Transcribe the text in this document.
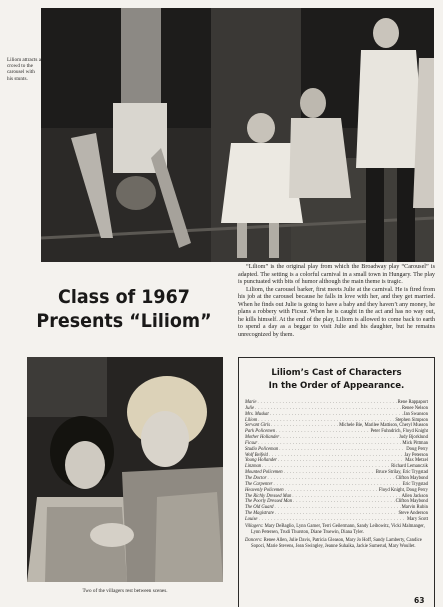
Liliom attracts a crowd to the carousel with his stunts.
Class of 1967
Presents “Liliom”

“Liliom” is the original play from which the Broadway play “Carousel” is adapted. The setting is a colorful carnival in a small town in Hungary. The play is punctuated with bits of humor although the main theme is tragic.

Liliom, the carousel barker, first meets Julie at the carnival. He is fired from his job at the carousel because he falls in love with her, and they get married. When he finds out Julie is going to have a baby and they haven’t any money, he plans a robbery with Ficsur. When he is caught in the act and has no way out, he kills himself. At the end of the play, Liliom is allowed to come back to earth to spend a day as a beggar to visit Julie and his daughter, but he remains unrecognized by them.

Two of the villagers rest between scenes.
Liliom’s Cast of Characters
In the Order of Appearance.
Marie . . .	Rene Rappaport
Julie . . .	Renee Nelson
Mrs. Muskat . . .	Jan Swanson
Liliom . . .	Stephen Simpson
Servant Girls . . .	Michele Bie, Marilee Mattison, Cheryl Musson
Park Policemen . . .	Peter Fuhndrich, Floyd Knight
Mother Hollander . . .	Judy Bjorklund
Ficsur . . .	Mick Pittman
Studio Policeman . . .	Doug Perry
Wolf Beifeld . . .	Jay Peterson
Young Hollander . . .	Max Metzel
Linzman . . .	Richard Lemanczik
Mounted Policemen . . .	Bruce Strilay, Eric Trygstad
The Doctor . . .	Clifton Maybond
The Carpenter . . .	Eric Trygstad
Heavenly Policemen . . .	Floyd Knight, Doug Perry
The Richly Dressed Man . . .	Allen Jackson
The Poorly Dressed Man . . .	Clifton Maybond
The Old Guard . . .	Marvin Rubin
The Magistrate . . .	Steve Anderson
Louise . . .	Mary Scott
Villagers: Mary DeBaglio, Lynn Garner, Terri Geilermann, Sandy Leibowitz, Vicki Malmanger, Lynn Petersen, Trudi Thurston, Diane Truewin, Diana Tyler.
Dancers: Renee Allen, Julie Davis, Patricia Gleason, Mary Jo Hoff, Sandy Lamberty, Candice Sopoci, Marie Stevens, Jean Swingley, Jeanne Suhaika, Jackie Sumerud, Mary Woullet.
63
